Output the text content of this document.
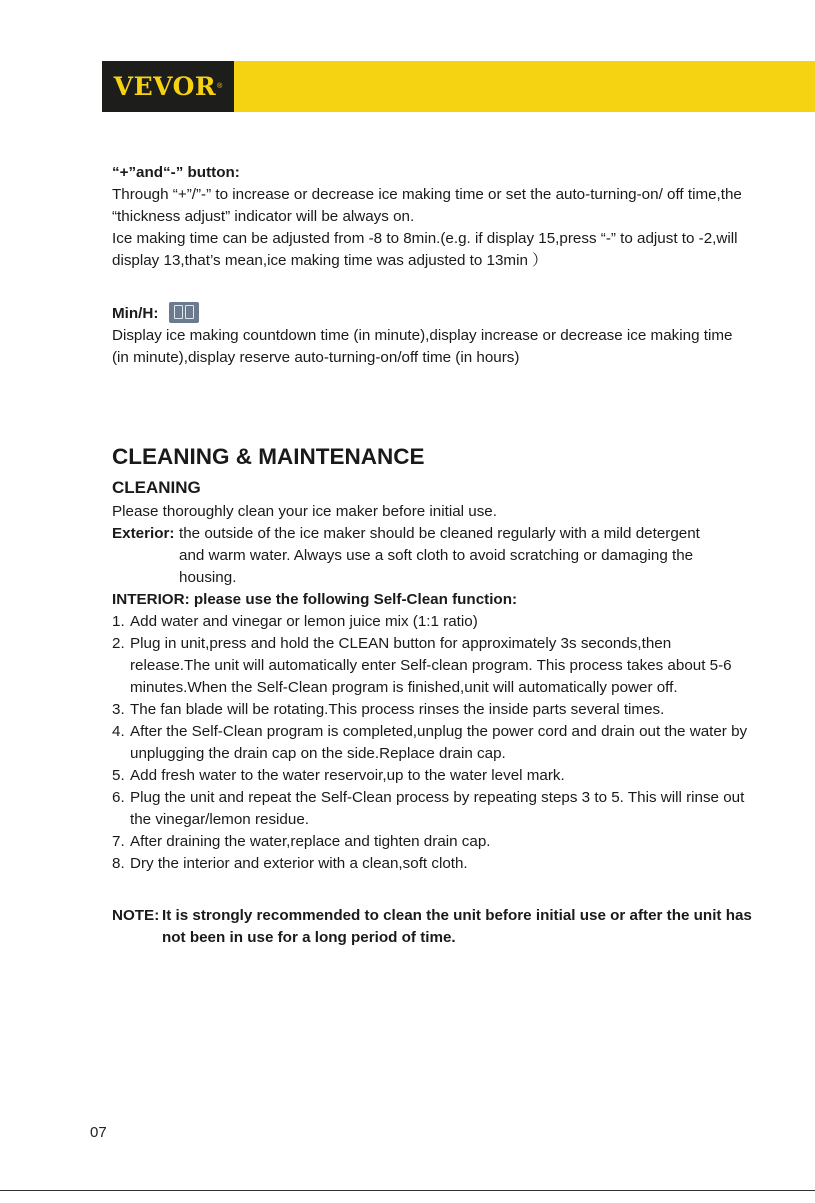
VEVOR ®

“+”and“-” button:

Through “+”/”-” to increase or decrease ice making time or set the auto-turning-on/ off time,the “thickness adjust” indicator will be always on.

Ice making time can be adjusted from -8 to 8min.(e.g. if display 15,press “-” to adjust to -2,will display 13,that’s mean,ice making time was adjusted to 13min ）

Min/H:

Display ice making countdown time (in minute),display increase or decrease ice making time (in minute),display reserve auto-turning-on/off time (in hours)

CLEANING & MAINTENANCE
CLEANING

Please thoroughly clean your ice maker before initial use.

Exterior: the outside of the ice maker should be cleaned regularly with a mild detergent

and warm water. Always use a soft cloth to avoid scratching or damaging the housing.

INTERIOR: please use the following Self-Clean function:

1. Add water and vinegar or lemon juice mix (1:1 ratio)
2. Plug in unit,press and hold the CLEAN button for approximately 3s seconds,then release.The unit will automatically enter Self-clean program. This process takes about 5-6 minutes.When the Self-Clean program is finished,unit will automatically power off.
3. The fan blade will be rotating.This process rinses the inside parts several times.
4. After the Self-Clean program is completed,unplug the power cord and drain out the water by unplugging the drain cap on the side.Replace drain cap.
5. Add fresh water to the water reservoir,up to the water level mark.
6. Plug the unit and repeat the Self-Clean process by repeating steps 3 to 5. This will rinse out the vinegar/lemon residue.
7. After draining the water,replace and tighten drain cap.
8. Dry the interior and exterior with a clean,soft cloth.
NOTE: It is strongly recommended to clean the unit before initial use or after the unit has not been in use for a long period of time.
07
